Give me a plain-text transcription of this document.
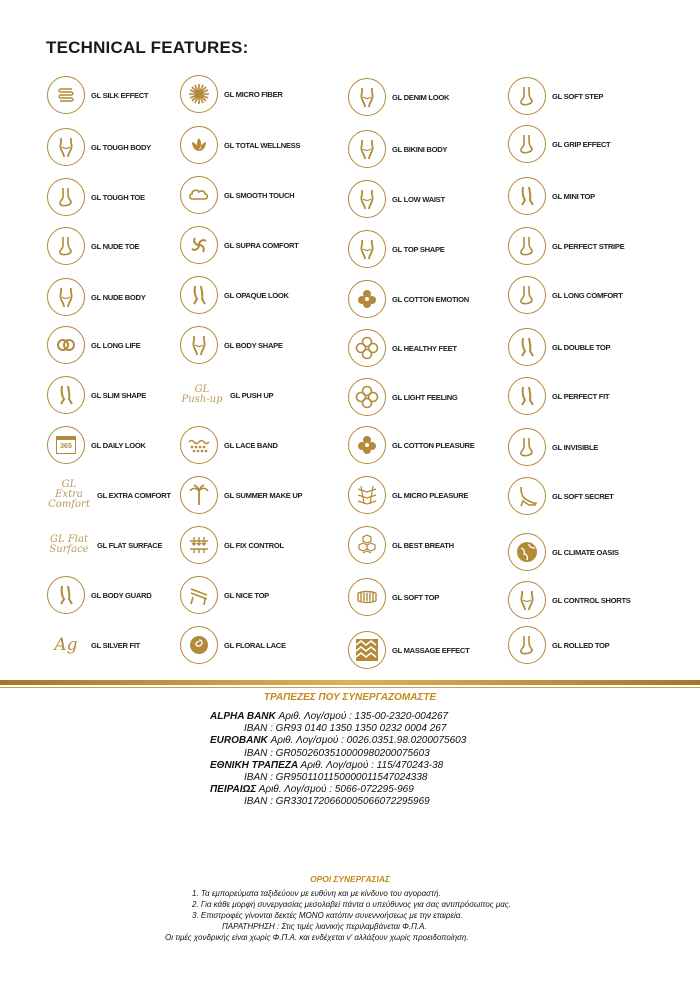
TECHNICAL FEATURES:
GL SILK EFFECT
GL TOUGH BODY
GL TOUGH TOE
GL NUDE TOE
GL NUDE BODY
GL LONG LIFE
GL SLIM SHAPE
365	GL DAILY LOOK
GL Extra Comfort
GL EXTRA COMFORT
GL Flat Surface	GL FLAT SURFACE
GL BODY GUARD
Ag GL SILVER FIT
GL MICRO FIBER
GL TOTAL WELLNESS
GL SMOOTH TOUCH
GL SUPRA COMFORT
GL OPAQUE LOOK
GL BODY SHAPE
GL Push-up GL PUSH UP
GL LACE BAND
GL SUMMER MAKE UP
GL FIX CONTROL
GL NICE TOP
GL FLORAL LACE
GL DENIM LOOK
GL BIKINI BODY
GL LOW WAIST
GL TOP SHAPE
GL COTTON EMOTION
GL HEALTHY FEET
GL LIGHT FEELING
GL COTTON PLEASURE
GL MICRO PLEASURE
GL BEST BREATH
GL SOFT TOP
GL MASSAGE EFFECT
GL SOFT STEP
GL GRIP EFFECT
GL MINI TOP
GL PERFECT STRIPE
GL LONG COMFORT
GL DOUBLE TOP
GL PERFECT FIT
GL INVISIBLE
GL SOFT SECRET
GL CLIMATE OASIS
GL CONTROL SHORTS
GL ROLLED TOP
ΤΡΑΠΕΖΕΣ ΠΟΥ ΣΥΝΕΡΓΑΖΟΜΑΣΤΕ
ALPHA BANK Αριθ. Λογ/σμού : 135-00-2320-004267
IBAN : GR93 0140 1350 1350 0232 0004 267
EUROBANK Αριθ. Λογ/σμού : 0026.0351.98.0200075603
IBAN : GR0502603510000980200075603
ΕΘΝΙΚΗ ΤΡΑΠΕΖΑ Αριθ. Λογ/σμού : 115/470243-38
IBAN : GR9501101150000011547024338
ΠΕΙΡΑΙΩΣ Αριθ. Λογ/σμού : 5066-072295-969
IBAN : GR3301720660005066072295969
ΟΡΟΙ ΣΥΝΕΡΓΑΣΙΑΣ
1. Τα εμπορεύματα ταξιδεύουν με ευθύνη και με κίνδυνο του αγοραστή.
2. Για κάθε μορφή συνεργασίας μεσολαβεί πάντα ο υπεύθυνος για σας αντιπρόσωπος μας.
3. Επιστροφές γίνονται δεκτές ΜΟΝΟ κατόπιν συνεννοήσεως με την εταιρεία.
ΠΑΡΑΤΗΡΗΣΗ : Στις τιμές λιανικής περιλαμβάνεται Φ.Π.Α.
Οι τιμές χονδρικής είναι χωρίς Φ.Π.Α. και ενδέχεται ν' αλλάξουν χωρίς προειδοποίηση.
